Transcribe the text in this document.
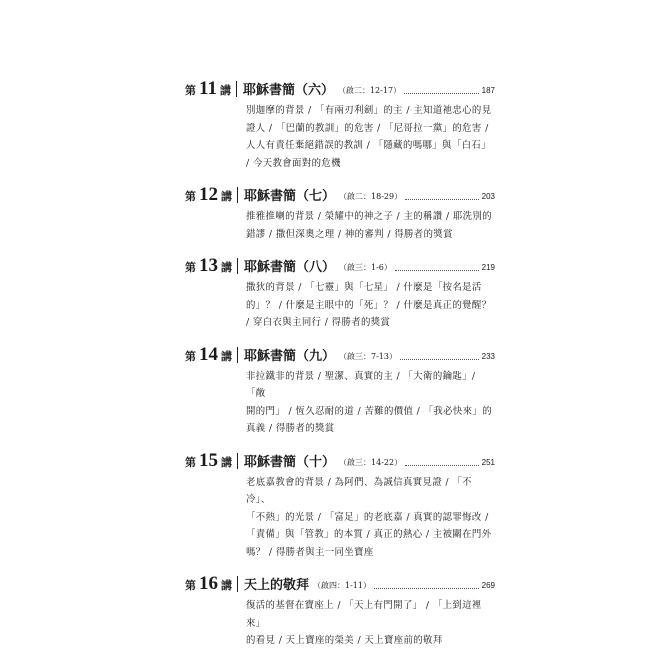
第 11 講 耶穌書簡（六） （啟二：12-17）	187
別迦摩的背景 / 「有兩刃利劍」的主 / 主知道祂忠心的見
證人 / 「巴蘭的教訓」的危害 / 「尼哥拉一黨」的危害 /
人人有責任棄絕錯誤的教訓 / 「隱藏的嗎哪」與「白石」
/ 今天教會面對的危機
第 12 講 耶穌書簡（七） （啟二：18-29）	203
推雅推喇的背景 / 榮耀中的神之子 / 主的稱讚 / 耶洗別的
錯謬 / 撒但深奧之理 / 神的審判 / 得勝者的獎賞
第 13 講 耶穌書簡（八） （啟三：1-6）	219
撒狄的背景 / 「七靈」與「七星」 / 什麼是「按名是活
的」？ / 什麼是主眼中的「死」？ / 什麼是真正的覺醒？
/ 穿白衣與主同行 / 得勝者的獎賞
第 14 講 耶穌書簡（九） （啟三：7-13）	233
非拉鐵非的背景 / 聖潔、真實的主 / 「大衛的鑰匙」/ 「敞
開的門」 / 恆久忍耐的道 / 苦難的價值 / 「我必快來」的
真義 / 得勝者的獎賞
第 15 講 耶穌書簡（十） （啟三：14-22）	251
老底嘉教會的背景 / 為阿們、為誠信真實見證 / 「不冷」、
「不熱」的光景 / 「富足」的老底嘉 / 真實的認罪悔改 /
「責備」與「管教」的本質 / 真正的熱心 / 主被關在門外
嗎？ / 得勝者與主一同坐寶座
第 16 講 天上的敬拜 （啟四：1-11）	269
復活的基督在寶座上 / 「天上有門開了」 / 「上到這裡來」
的看見 / 天上寶座的榮美 / 天上寶座前的敬拜
